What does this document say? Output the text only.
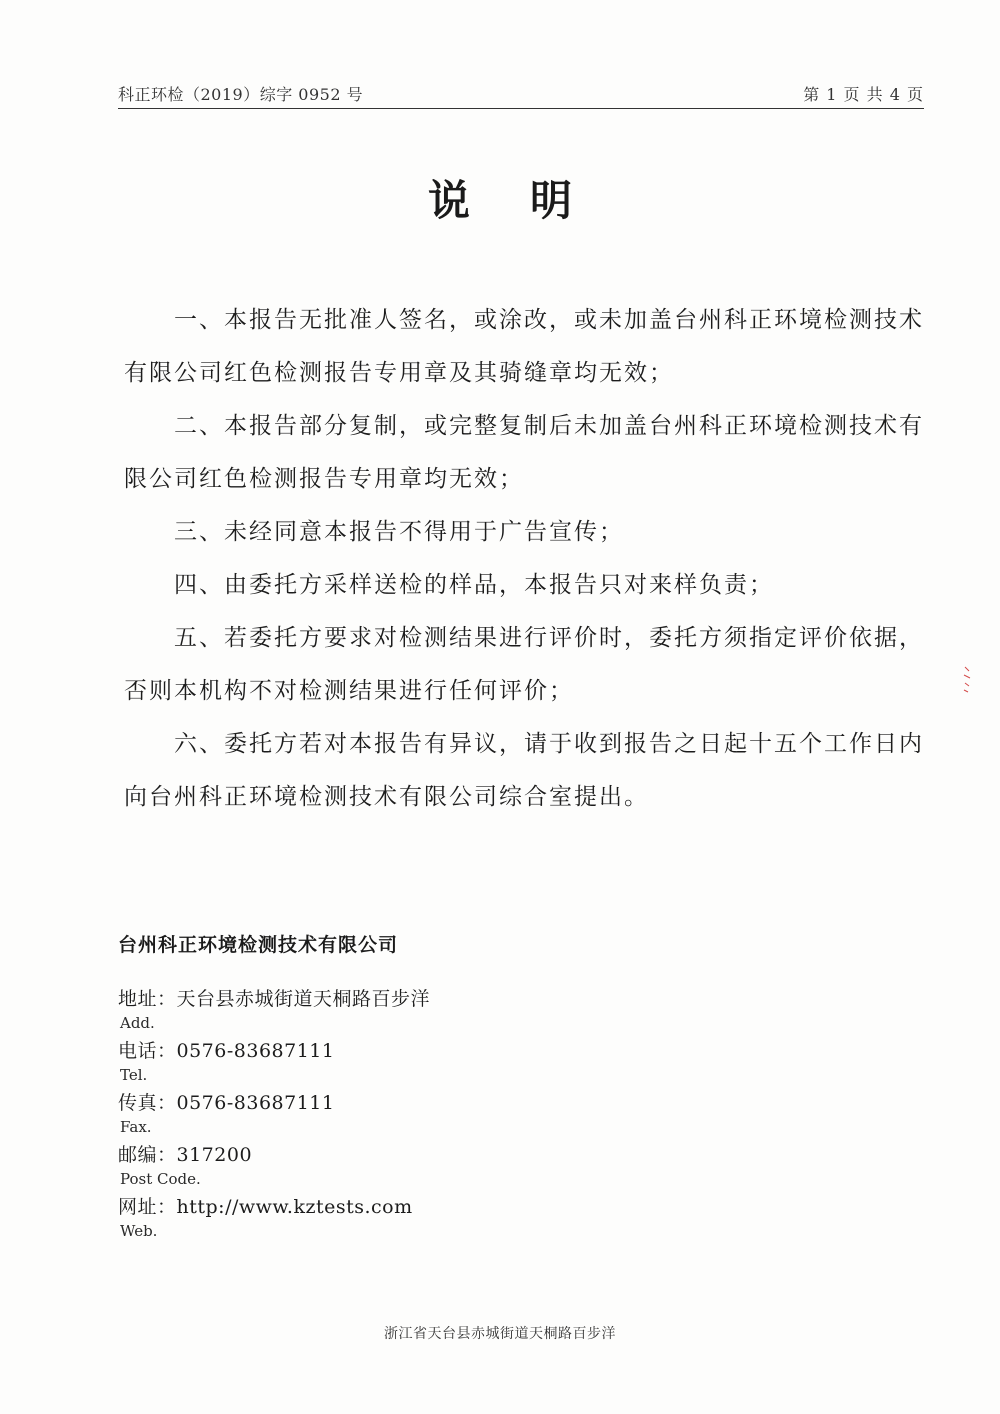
科正环检（2019）综字 0952 号	第 1 页 共 4 页
说明

一、本报告无批准人签名，或涂改，或未加盖台州科正环境检测技术有限公司红色检测报告专用章及其骑缝章均无效；

二、本报告部分复制，或完整复制后未加盖台州科正环境检测技术有限公司红色检测报告专用章均无效；

三、未经同意本报告不得用于广告宣传；

四、由委托方采样送检的样品，本报告只对来样负责；

五、若委托方要求对检测结果进行评价时，委托方须指定评价依据，否则本机构不对检测结果进行任何评价；

六、委托方若对本报告有异议，请于收到报告之日起十五个工作日内向台州科正环境检测技术有限公司综合室提出。

台州科正环境检测技术有限公司
地址：天台县赤城街道天桐路百步洋
Add.
电话：0576-83687111
Tel.
传真：0576-83687111
Fax.
邮编：317200
Post Code.
网址：http://www.kztests.com
Web.
浙江省天台县赤城街道天桐路百步洋
